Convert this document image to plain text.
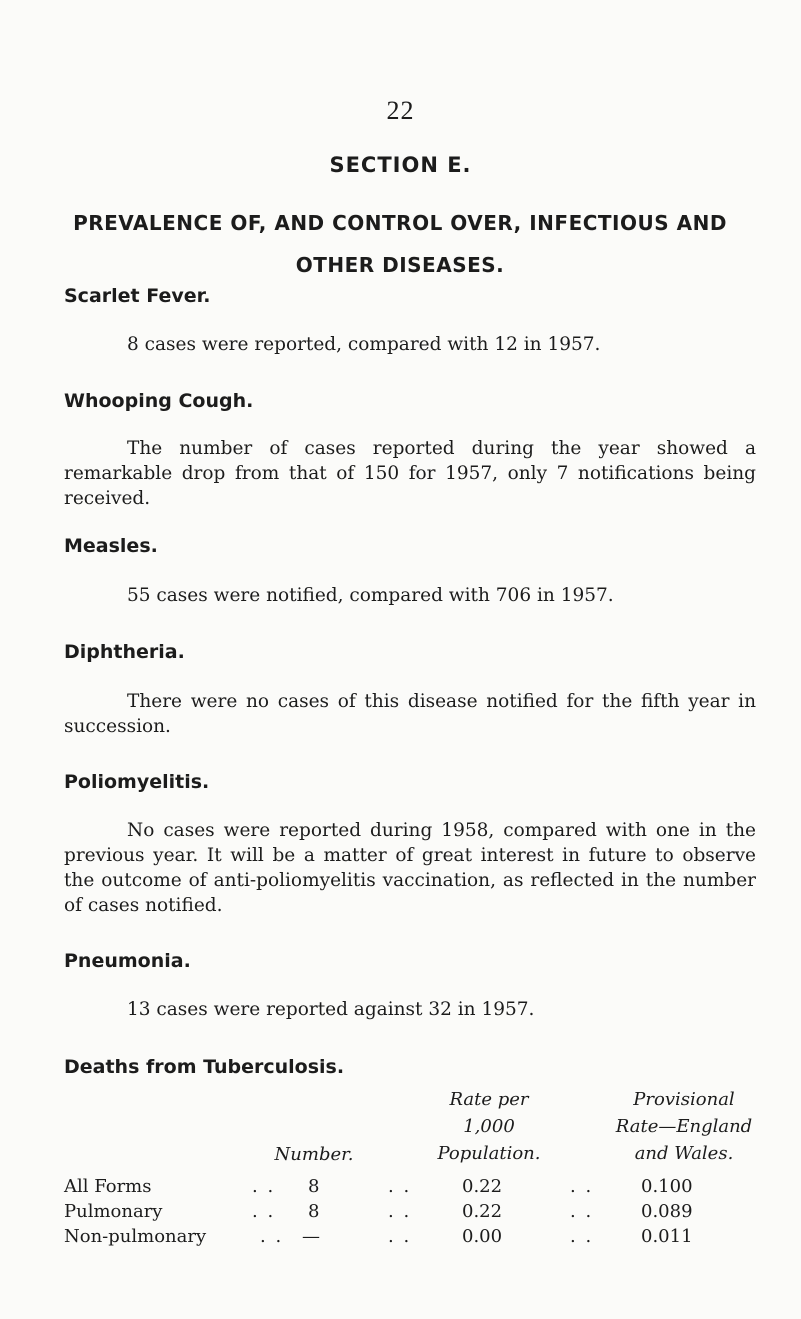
22
SECTION E.
PREVALENCE OF, AND CONTROL OVER, INFECTIOUS AND OTHER DISEASES.
Scarlet Fever.

8 cases were reported, compared with 12 in 1957.

Whooping Cough.

The number of cases reported during the year showed a remarkable drop from that of 150 for 1957, only 7 notifications being received.

Measles.

55 cases were notified, compared with 706 in 1957.

Diphtheria.

There were no cases of this disease notified for the fifth year in succession.

Poliomyelitis.

No cases were reported during 1958, compared with one in the previous year. It will be a matter of great interest in future to observe the outcome of anti-poliomyelitis vaccination, as reflected in the number of cases notified.

Pneumonia.

13 cases were reported against 32 in 1957.

Deaths from Tuberculosis.
Number.
Rate per
1,000
Population.
Provisional
Rate—England
and Wales.
All Forms	. . 8	. .	0.22	. .	0.100
Pulmonary	. . 8	. .	0.22	. .	0.089
Non-pulmonary	. . —	. .	0.00	. .	0.011
